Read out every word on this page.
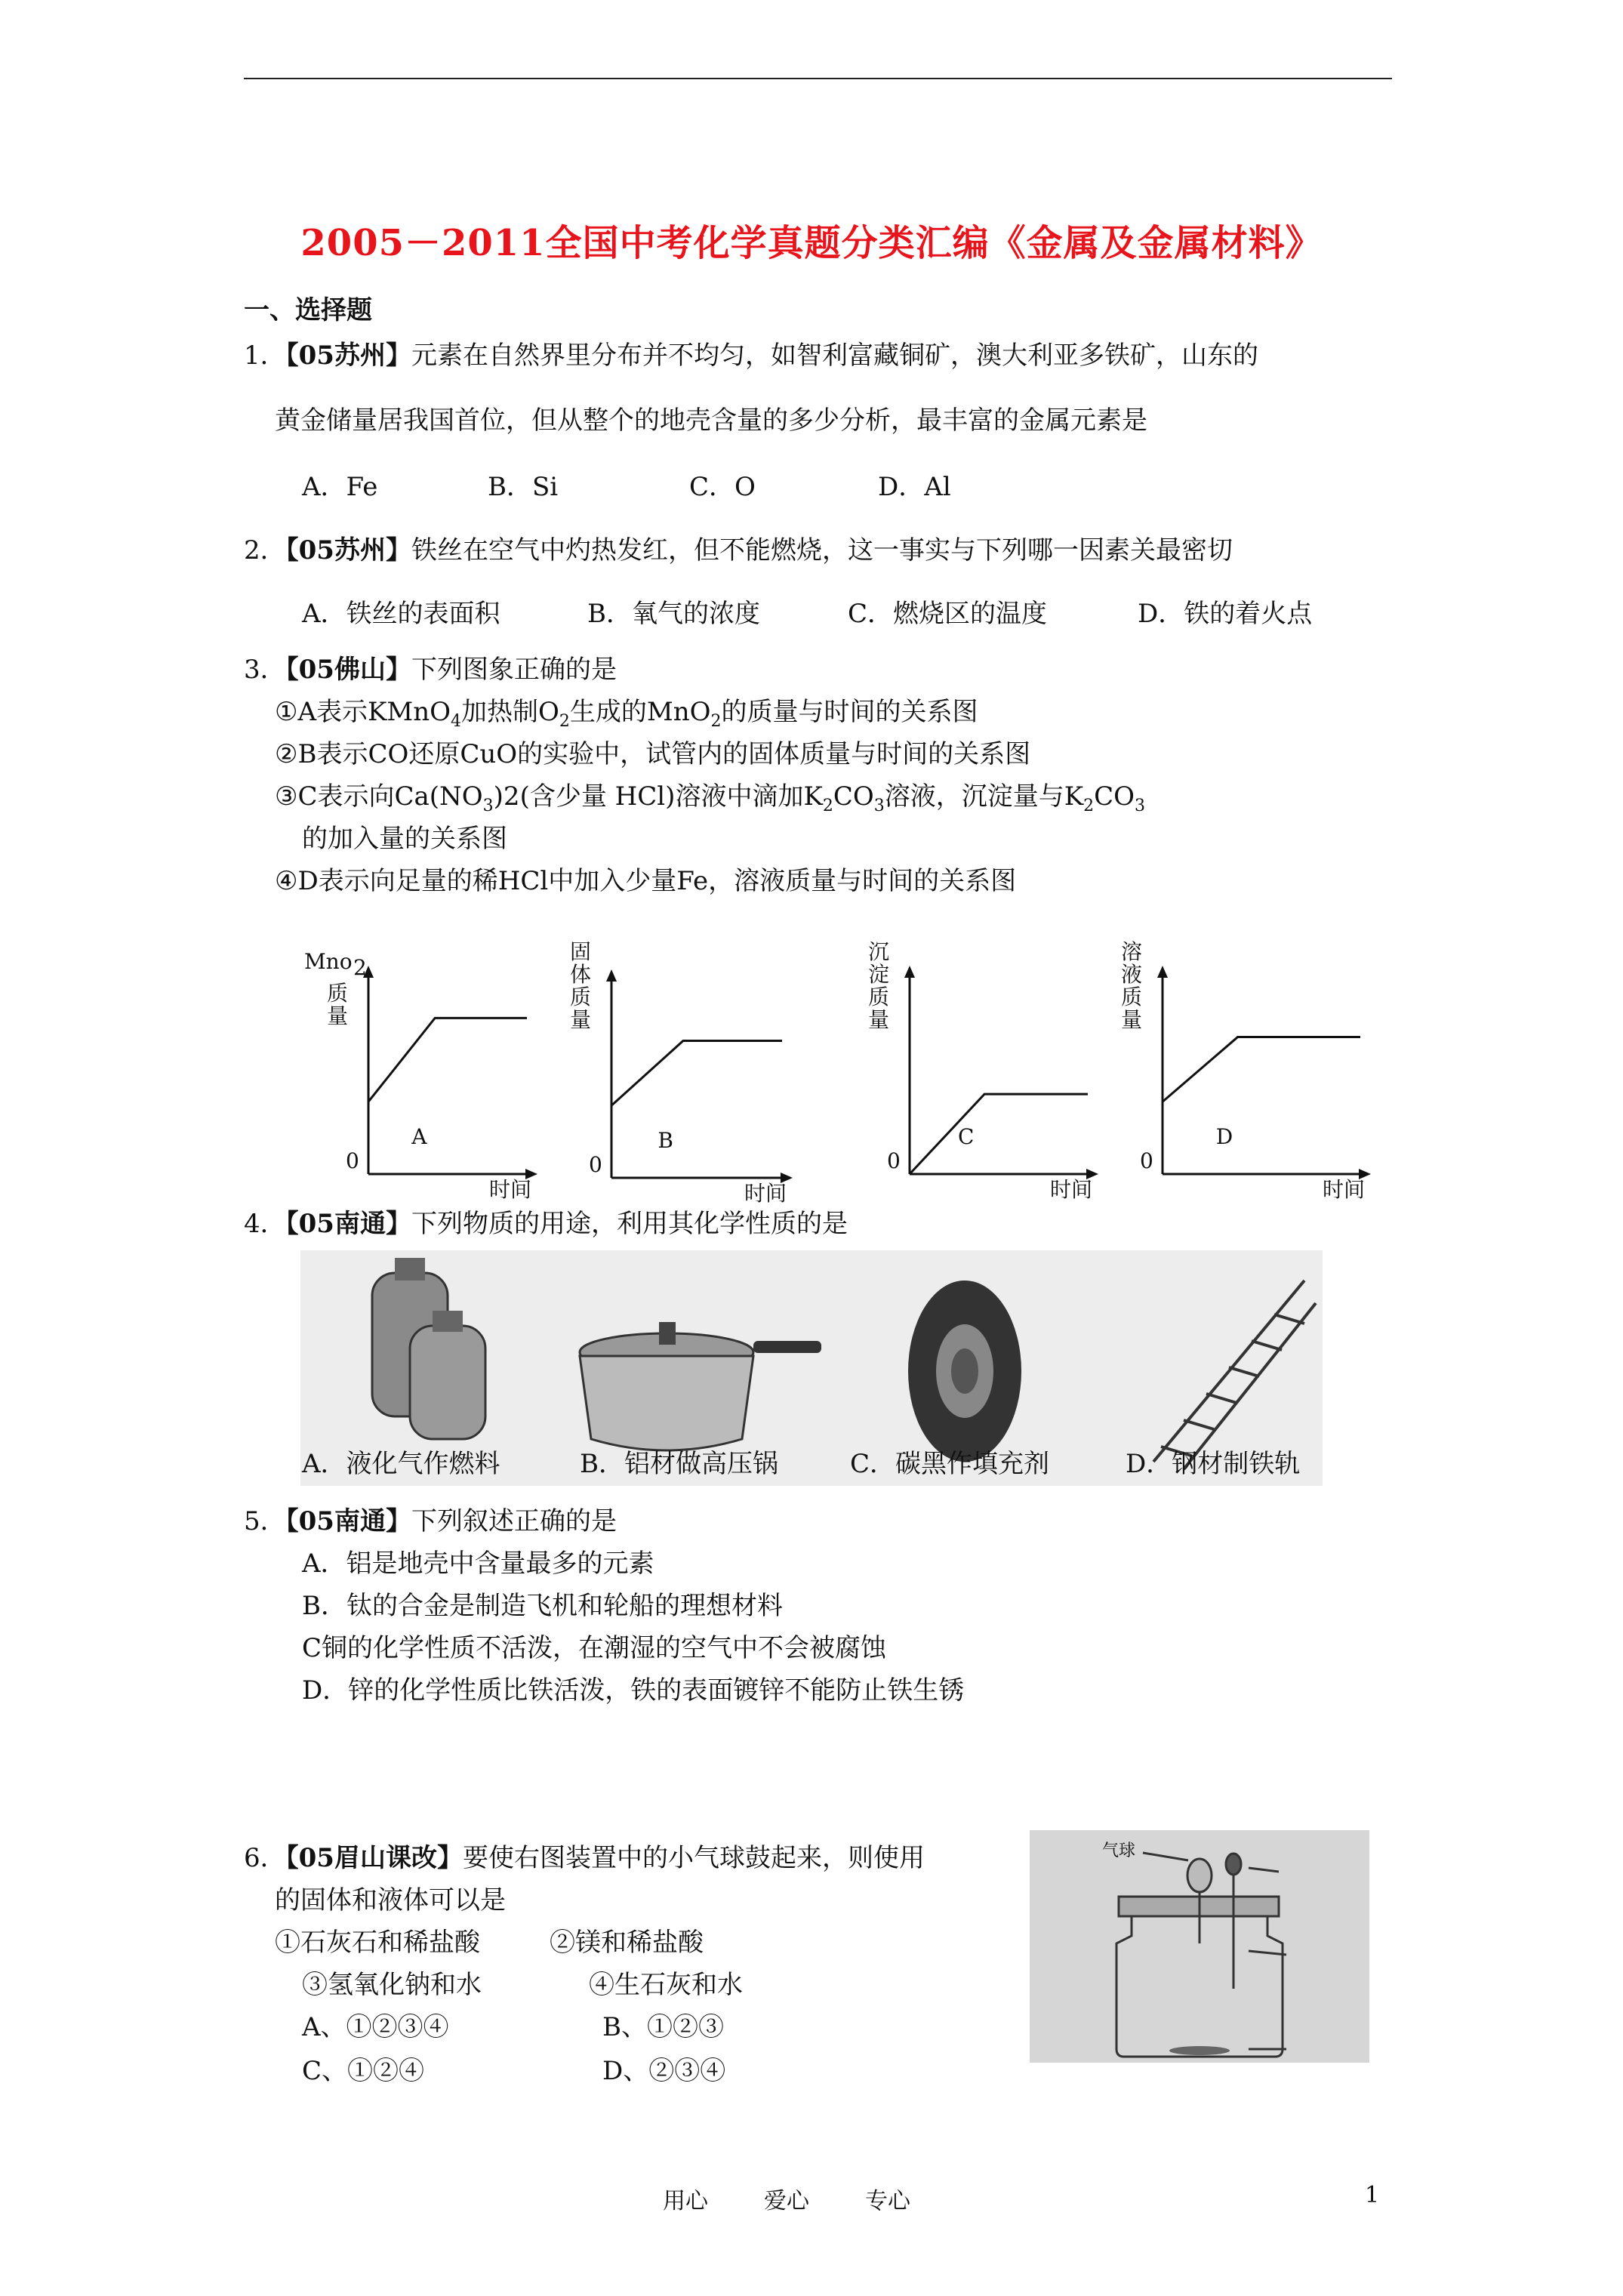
2005－2011全国中考化学真题分类汇编《金属及金属材料》
一、选择题
1．【05苏州】元素在自然界里分布并不均匀，如智利富藏铜矿，澳大利亚多铁矿，山东的
黄金储量居我国首位，但从整个的地壳含量的多少分析，最丰富的金属元素是
A．Fe	B．Si	C．O	D．Al
2．【05苏州】铁丝在空气中灼热发红，但不能燃烧，这一事实与下列哪一因素关最密切
A．铁丝的表面积	B．氧气的浓度	C．燃烧区的温度	D．铁的着火点
3．【05佛山】下列图象正确的是
①A表示KMnO$_4$加热制$O_2$生成的MnO$_2$的质量与时间的关系图
②B表示CO还原CuO的实验中，试管内的固体质量与时间的关系图
③C表示向$Ca(NO_3)2$(含少量 HCl)溶液中滴加$K_2CO_3$溶液，沉淀量与$K_2CO_3$
的加入量的关系图
④D表示向足量的稀HCl中加入少量Fe，溶液质量与时间的关系图
0
A
时间
Mno 2
质
量
0
B
时间
固
体
质
量
0
C
时间
沉
淀
质
量
0
D
时间
溶
液
质
量
4．【05南通】下列物质的用途，利用其化学性质的是
A．液化气作燃料	B．铝材做高压锅	C．碳黑作填充剂	D．钢材制铁轨
5．【05南通】下列叙述正确的是
A．铝是地壳中含量最多的元素
B．钛的合金是制造飞机和轮船的理想材料
C铜的化学性质不活泼，在潮湿的空气中不会被腐蚀
D．锌的化学性质比铁活泼，铁的表面镀锌不能防止铁生锈
6．【05眉山课改】要使右图装置中的小气球鼓起来，则使用
的固体和液体可以是
①石灰石和稀盐酸	②镁和稀盐酸
③氢氧化钠和水	④生石灰和水
A、①②③④	B、①②③
C、①②④	D、②③④
气球
用心 爱心 专心	1
